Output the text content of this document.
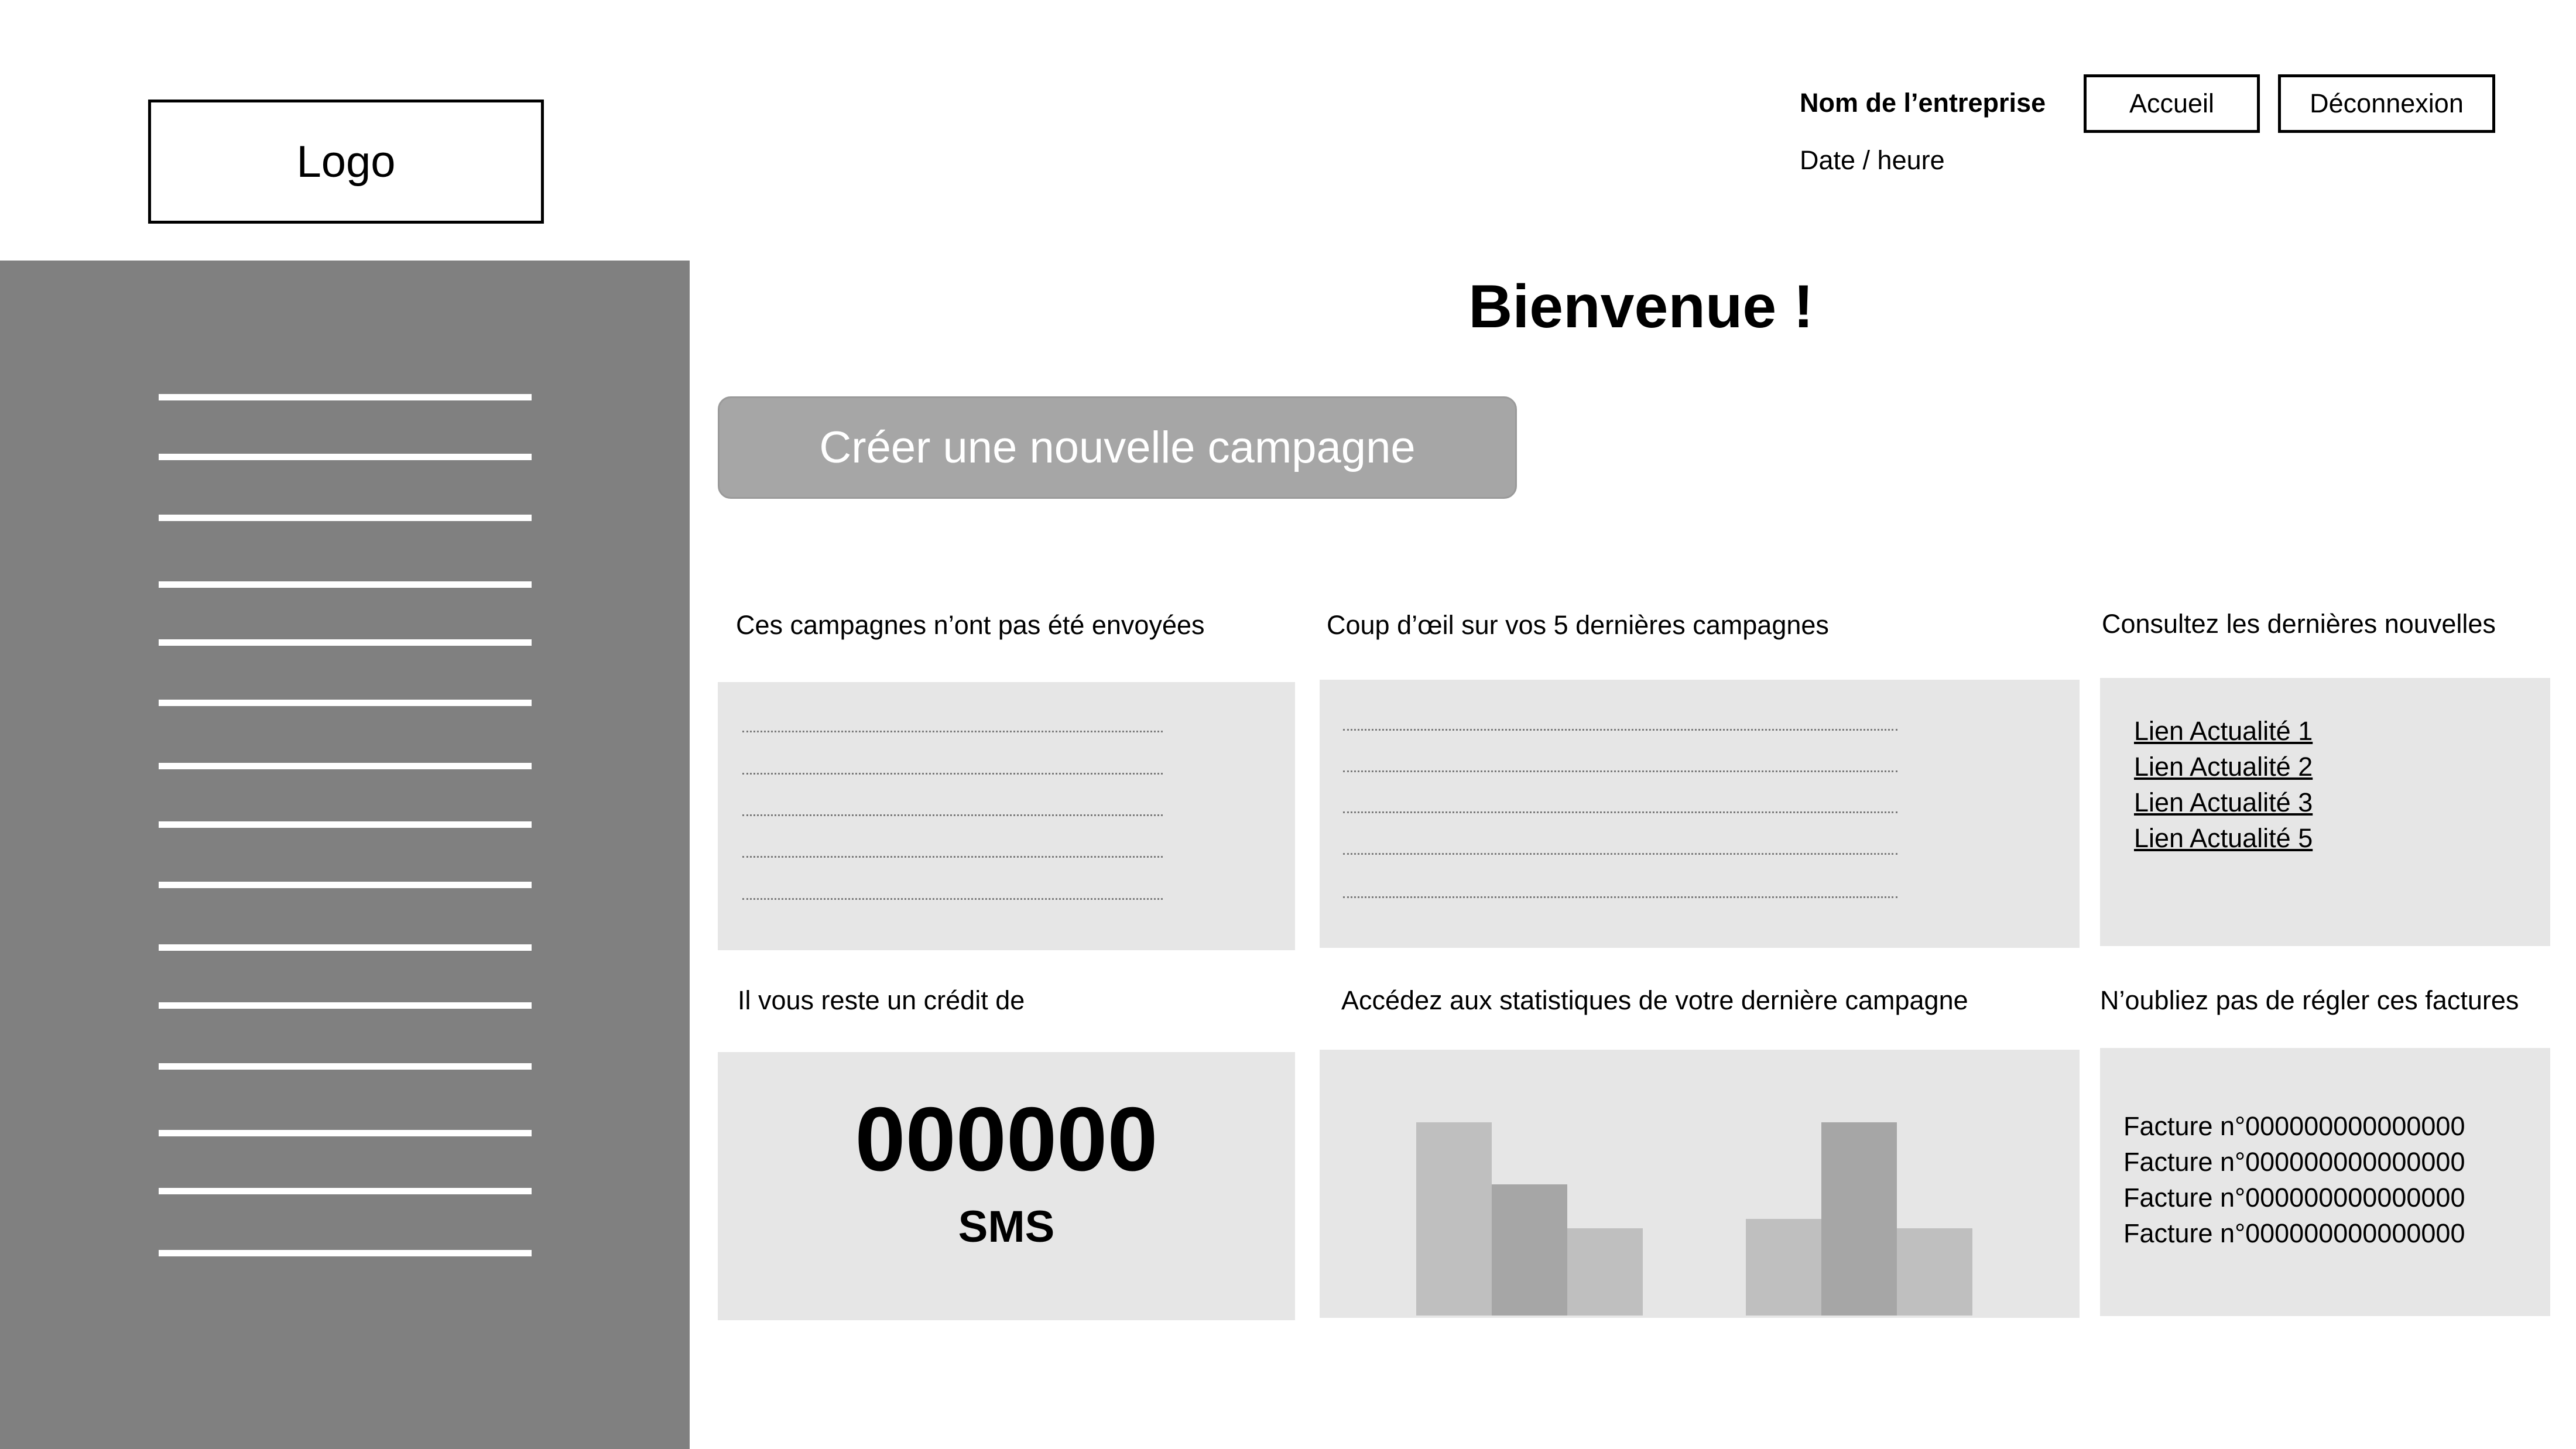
Logo
Nom de l’entreprise
Date / heure
Accueil	Déconnexion
Bienvenue !
Créer une nouvelle campagne
Ces campagnes n’ont pas été envoyées	Coup d’œil sur vos 5 dernières campagnes	Consultez les dernières nouvelles
Lien Actualité 1
Lien Actualité 2
Lien Actualité 3
Lien Actualité 5
Il vous reste un crédit de	Accédez aux statistiques de votre dernière campagne	N’oubliez pas de régler ces factures
000000
SMS
Facture n°000000000000000
Facture n°000000000000000
Facture n°000000000000000
Facture n°000000000000000
